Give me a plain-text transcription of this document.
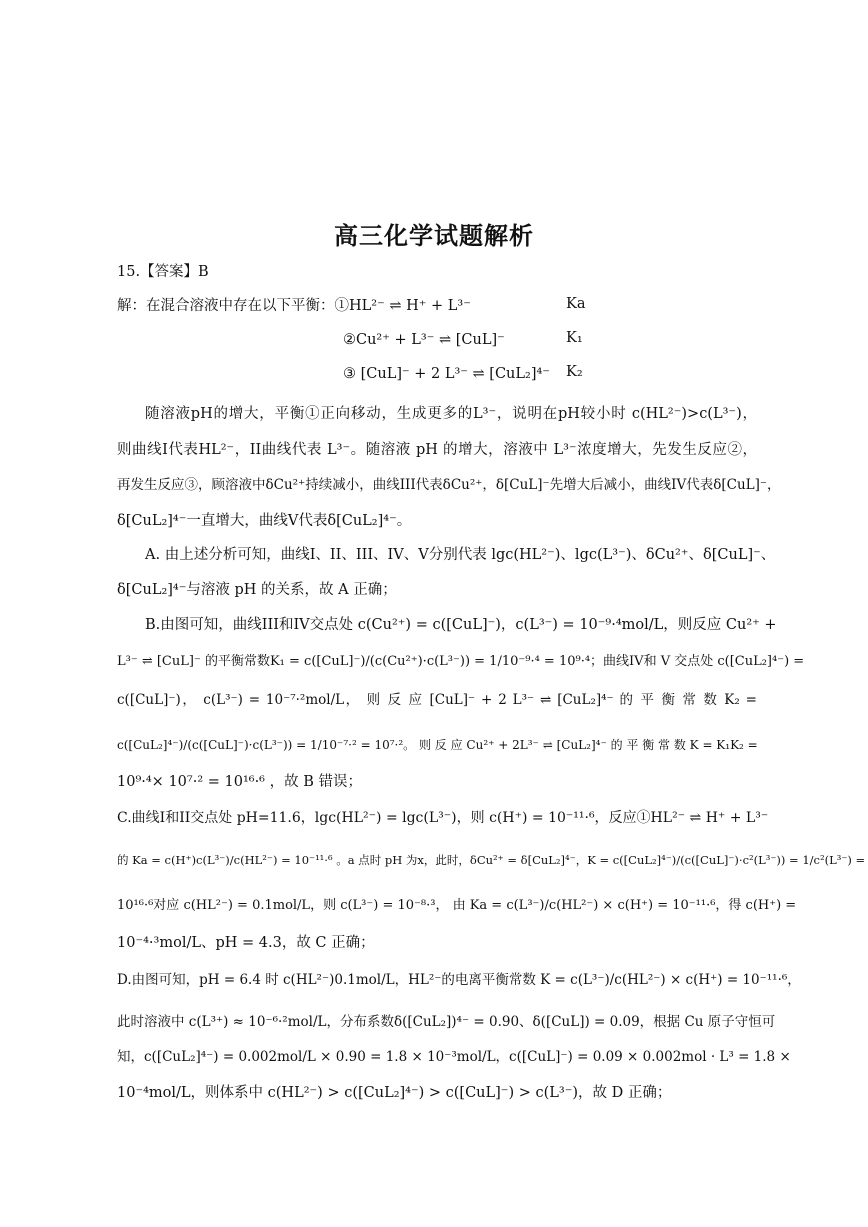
高三化学试题解析
15.【答案】B
解：在混合溶液中存在以下平衡：①HL²⁻ ⇌ H⁺ + L³⁻	Ka
②Cu²⁺ + L³⁻ ⇌ [CuL]⁻	K₁
③ [CuL]⁻ + 2 L³⁻ ⇌ [CuL₂]⁴⁻ K₂
随溶液pH的增大，平衡①正向移动，生成更多的L³⁻，说明在pH较小时 c(HL²⁻)>c(L³⁻)，
则曲线I代表HL²⁻，II曲线代表 L³⁻。随溶液 pH 的增大，溶液中 L³⁻浓度增大，先发生反应②，
再发生反应③，顾溶液中δCu²⁺持续减小，曲线III代表δCu²⁺，δ[CuL]⁻先增大后减小，曲线IV代表δ[CuL]⁻，
δ[CuL₂]⁴⁻一直增大，曲线V代表δ[CuL₂]⁴⁻。
A. 由上述分析可知，曲线I、II、III、IV、V分别代表 lgc(HL²⁻)、lgc(L³⁻)、δCu²⁺、δ[CuL]⁻、
δ[CuL₂]⁴⁻与溶液 pH 的关系，故 A 正确；
B.由图可知，曲线III和IV交点处 c(Cu²⁺) = c([CuL]⁻)，c(L³⁻) = 10⁻⁹·⁴mol/L，则反应 Cu²⁺ +
L³⁻ ⇌ [CuL]⁻ 的平衡常数K₁ = c([CuL]⁻)/(c(Cu²⁺)·c(L³⁻)) = 1/10⁻⁹·⁴ = 10⁹·⁴；曲线IV和 V 交点处 c([CuL₂]⁴⁻) =
c([CuL]⁻)， c(L³⁻) = 10⁻⁷·²mol/L， 则 反 应 [CuL]⁻ + 2 L³⁻ ⇌ [CuL₂]⁴⁻ 的 平 衡 常 数 K₂ =
c([CuL₂]⁴⁻)/(c([CuL]⁻)·c(L³⁻)) = 1/10⁻⁷·² = 10⁷·²。 则 反 应 Cu²⁺ + 2L³⁻ ⇌ [CuL₂]⁴⁻ 的 平 衡 常 数 K = K₁K₂ =
10⁹·⁴× 10⁷·² = 10¹⁶·⁶ ，故 B 错误；
C.曲线I和II交点处 pH=11.6，lgc(HL²⁻) = lgc(L³⁻)，则 c(H⁺) = 10⁻¹¹·⁶，反应①HL²⁻ ⇌ H⁺ + L³⁻
的 Ka = c(H⁺)c(L³⁻)/c(HL²⁻) = 10⁻¹¹·⁶ 。a 点时 pH 为x，此时，δCu²⁺ = δ[CuL₂]⁴⁻，K = c([CuL₂]⁴⁻)/(c([CuL]⁻)·c²(L³⁻)) = 1/c²(L³⁻) =
10¹⁶·⁶对应 c(HL²⁻) = 0.1mol/L，则 c(L³⁻) = 10⁻⁸·³， 由 Ka = c(L³⁻)/c(HL²⁻) × c(H⁺) = 10⁻¹¹·⁶，得 c(H⁺) =
10⁻⁴·³mol/L、pH = 4.3，故 C 正确；
D.由图可知，pH = 6.4 时 c(HL²⁻)0.1mol/L，HL²⁻的电离平衡常数 K = c(L³⁻)/c(HL²⁻) × c(H⁺) = 10⁻¹¹·⁶，
此时溶液中 c(L³⁺) ≈ 10⁻⁶·²mol/L，分布系数δ([CuL₂])⁴⁻ = 0.90、δ([CuL]) = 0.09，根据 Cu 原子守恒可
知，c([CuL₂]⁴⁻) = 0.002mol/L × 0.90 = 1.8 × 10⁻³mol/L，c([CuL]⁻) = 0.09 × 0.002mol · L³ = 1.8 ×
10⁻⁴mol/L，则体系中 c(HL²⁻) > c([CuL₂]⁴⁻) > c([CuL]⁻) > c(L³⁻)，故 D 正确；
